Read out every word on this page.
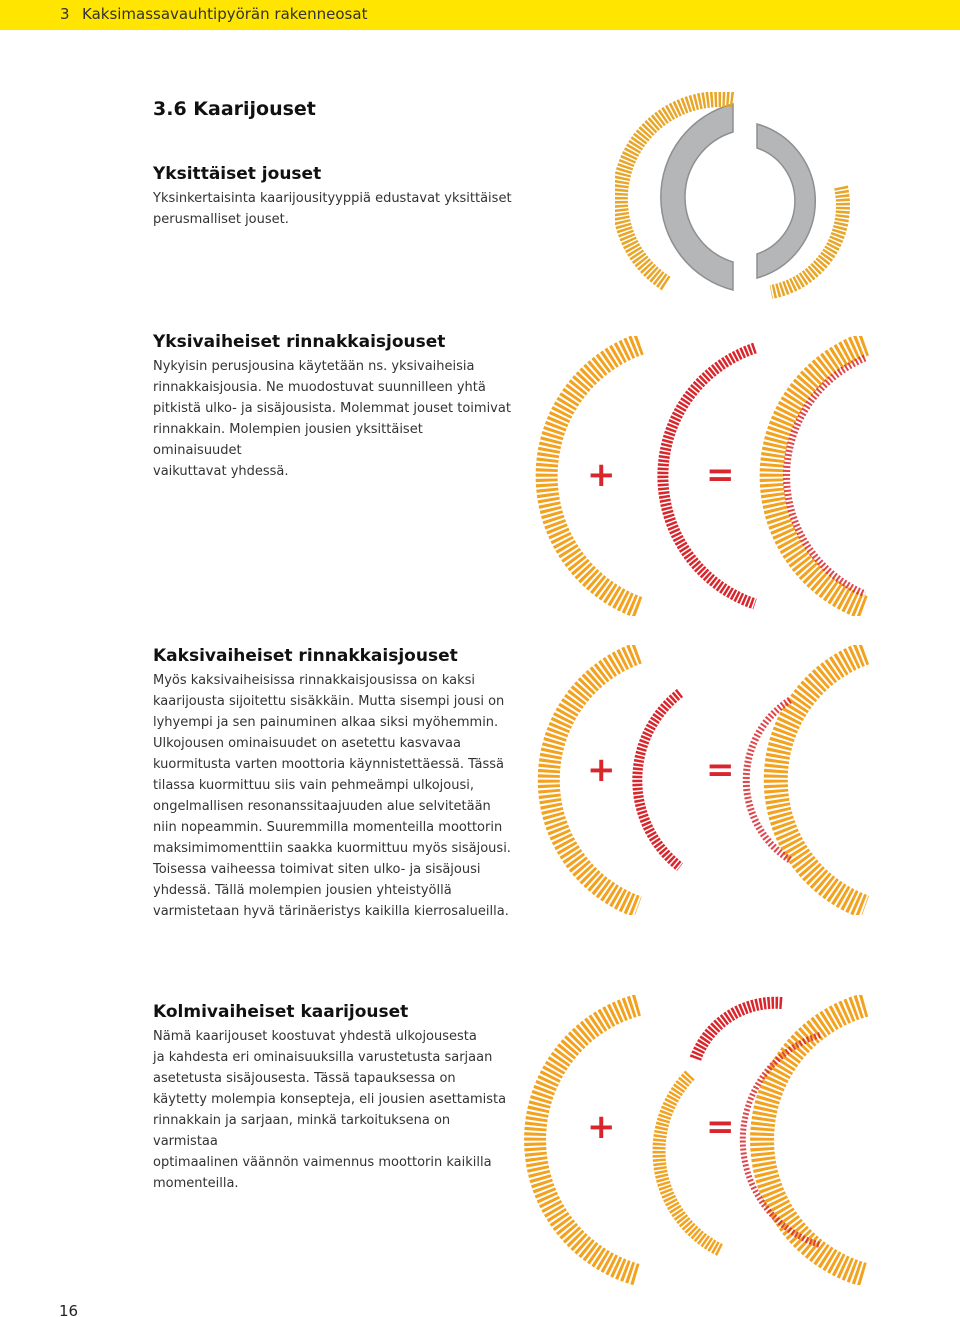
3 Kaksimassavauhtipyörän rakenneosat
3.6 Kaarijouset
Yksittäiset jouset

Yksinkertaisinta kaarijousityyppiä edustavat yksittäiset

perusmalliset jouset.

Yksivaiheiset rinnakkaisjouset

Nykyisin perusjousina käytetään ns. yksivaiheisia

rinnakkaisjousia. Ne muodostuvat suunnilleen yhtä

pitkistä ulko- ja sisäjousista. Molemmat jouset toimivat

rinnakkain. Molempien jousien yksittäiset ominaisuudet

vaikuttavat yhdessä.

Kaksivaiheiset rinnakkaisjouset

Myös kaksivaiheisissa rinnakkaisjousissa on kaksi

kaarijousta sijoitettu sisäkkäin. Mutta sisempi jousi on

lyhyempi ja sen painuminen alkaa siksi myöhemmin.

Ulkojousen ominaisuudet on asetettu kasvavaa

kuormitusta varten moottoria käynnistettäessä. Tässä

tilassa kuormittuu siis vain pehmeämpi ulkojousi,

ongelmallisen resonanssitaajuuden alue selvitetään

niin nopeammin. Suuremmilla momenteilla moottorin

maksimimomenttiin saakka kuormittuu myös sisäjousi.

Toisessa vaiheessa toimivat siten ulko- ja sisäjousi

yhdessä. Tällä molempien jousien yhteistyöllä

varmistetaan hyvä tärinäeristys kaikilla kierrosalueilla.

Kolmivaiheiset kaarijouset

Nämä kaarijouset koostuvat yhdestä ulkojousesta

ja kahdesta eri ominaisuuksilla varustetusta sarjaan

asetetusta sisäjousesta. Tässä tapauksessa on

käytetty molempia konsepteja, eli jousien asettamista

rinnakkain ja sarjaan, minkä tarkoituksena on varmistaa

optimaalinen väännön vaimennus moottorin kaikilla

momenteilla.

+	=
+	=
+	=
16
